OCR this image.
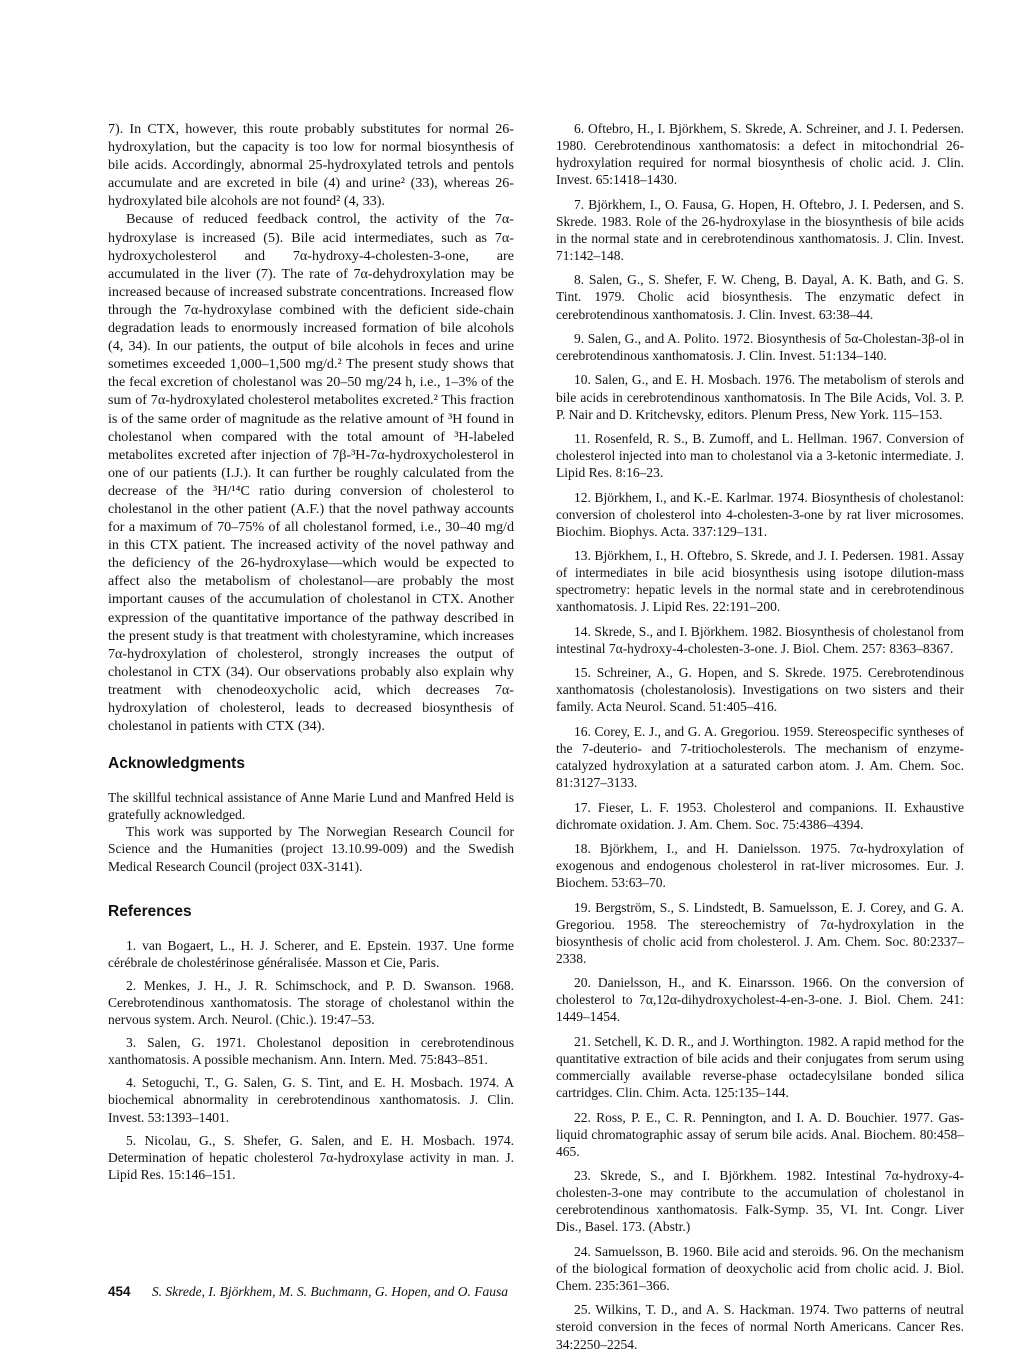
7). In CTX, however, this route probably substitutes for normal 26-hydroxylation, but the capacity is too low for normal biosynthesis of bile acids. Accordingly, abnormal 25-hydroxylated tetrols and pentols accumulate and are excreted in bile (4) and urine² (33), whereas 26-hydroxylated bile alcohols are not found² (4, 33).

Because of reduced feedback control, the activity of the 7α-hydroxylase is increased (5). Bile acid intermediates, such as 7α-hydroxycholesterol and 7α-hydroxy-4-cholesten-3-one, are accumulated in the liver (7). The rate of 7α-dehydroxylation may be increased because of increased substrate concentrations. Increased flow through the 7α-hydroxylase combined with the deficient side-chain degradation leads to enormously increased formation of bile alcohols (4, 34). In our patients, the output of bile alcohols in feces and urine sometimes exceeded 1,000–1,500 mg/d.² The present study shows that the fecal excretion of cholestanol was 20–50 mg/24 h, i.e., 1–3% of the sum of 7α-hydroxylated cholesterol metabolites excreted.² This fraction is of the same order of magnitude as the relative amount of ³H found in cholestanol when compared with the total amount of ³H-labeled metabolites excreted after injection of 7β-³H-7α-hydroxycholesterol in one of our patients (I.J.). It can further be roughly calculated from the decrease of the ³H/¹⁴C ratio during conversion of cholesterol to cholestanol in the other patient (A.F.) that the novel pathway accounts for a maximum of 70–75% of all cholestanol formed, i.e., 30–40 mg/d in this CTX patient. The increased activity of the novel pathway and the deficiency of the 26-hydroxylase—which would be expected to affect also the metabolism of cholestanol—are probably the most important causes of the accumulation of cholestanol in CTX. Another expression of the quantitative importance of the pathway described in the present study is that treatment with cholestyramine, which increases 7α-hydroxylation of cholesterol, strongly increases the output of cholestanol in CTX (34). Our observations probably also explain why treatment with chenodeoxycholic acid, which decreases 7α-hydroxylation of cholesterol, leads to decreased biosynthesis of cholestanol in patients with CTX (34).

Acknowledgments

The skillful technical assistance of Anne Marie Lund and Manfred Held is gratefully acknowledged.

This work was supported by The Norwegian Research Council for Science and the Humanities (project 13.10.99-009) and the Swedish Medical Research Council (project 03X-3141).

References

1. van Bogaert, L., H. J. Scherer, and E. Epstein. 1937. Une forme cérébrale de cholestérinose généralisée. Masson et Cie, Paris.

2. Menkes, J. H., J. R. Schimschock, and P. D. Swanson. 1968. Cerebrotendinous xanthomatosis. The storage of cholestanol within the nervous system. Arch. Neurol. (Chic.). 19:47–53.

3. Salen, G. 1971. Cholestanol deposition in cerebrotendinous xanthomatosis. A possible mechanism. Ann. Intern. Med. 75:843–851.

4. Setoguchi, T., G. Salen, G. S. Tint, and E. H. Mosbach. 1974. A biochemical abnormality in cerebrotendinous xanthomatosis. J. Clin. Invest. 53:1393–1401.

5. Nicolau, G., S. Shefer, G. Salen, and E. H. Mosbach. 1974. Determination of hepatic cholesterol 7α-hydroxylase activity in man. J. Lipid Res. 15:146–151.

6. Oftebro, H., I. Björkhem, S. Skrede, A. Schreiner, and J. I. Pedersen. 1980. Cerebrotendinous xanthomatosis: a defect in mitochondrial 26-hydroxylation required for normal biosynthesis of cholic acid. J. Clin. Invest. 65:1418–1430.

7. Björkhem, I., O. Fausa, G. Hopen, H. Oftebro, J. I. Pedersen, and S. Skrede. 1983. Role of the 26-hydroxylase in the biosynthesis of bile acids in the normal state and in cerebrotendinous xanthomatosis. J. Clin. Invest. 71:142–148.

8. Salen, G., S. Shefer, F. W. Cheng, B. Dayal, A. K. Bath, and G. S. Tint. 1979. Cholic acid biosynthesis. The enzymatic defect in cerebrotendinous xanthomatosis. J. Clin. Invest. 63:38–44.

9. Salen, G., and A. Polito. 1972. Biosynthesis of 5α-Cholestan-3β-ol in cerebrotendinous xanthomatosis. J. Clin. Invest. 51:134–140.

10. Salen, G., and E. H. Mosbach. 1976. The metabolism of sterols and bile acids in cerebrotendinous xanthomatosis. In The Bile Acids, Vol. 3. P. P. Nair and D. Kritchevsky, editors. Plenum Press, New York. 115–153.

11. Rosenfeld, R. S., B. Zumoff, and L. Hellman. 1967. Conversion of cholesterol injected into man to cholestanol via a 3-ketonic intermediate. J. Lipid Res. 8:16–23.

12. Björkhem, I., and K.-E. Karlmar. 1974. Biosynthesis of cholestanol: conversion of cholesterol into 4-cholesten-3-one by rat liver microsomes. Biochim. Biophys. Acta. 337:129–131.

13. Björkhem, I., H. Oftebro, S. Skrede, and J. I. Pedersen. 1981. Assay of intermediates in bile acid biosynthesis using isotope dilution-mass spectrometry: hepatic levels in the normal state and in cerebrotendinous xanthomatosis. J. Lipid Res. 22:191–200.

14. Skrede, S., and I. Björkhem. 1982. Biosynthesis of cholestanol from intestinal 7α-hydroxy-4-cholesten-3-one. J. Biol. Chem. 257: 8363–8367.

15. Schreiner, A., G. Hopen, and S. Skrede. 1975. Cerebrotendinous xanthomatosis (cholestanolosis). Investigations on two sisters and their family. Acta Neurol. Scand. 51:405–416.

16. Corey, E. J., and G. A. Gregoriou. 1959. Stereospecific syntheses of the 7-deuterio- and 7-tritiocholesterols. The mechanism of enzyme-catalyzed hydroxylation at a saturated carbon atom. J. Am. Chem. Soc. 81:3127–3133.

17. Fieser, L. F. 1953. Cholesterol and companions. II. Exhaustive dichromate oxidation. J. Am. Chem. Soc. 75:4386–4394.

18. Björkhem, I., and H. Danielsson. 1975. 7α-hydroxylation of exogenous and endogenous cholesterol in rat-liver microsomes. Eur. J. Biochem. 53:63–70.

19. Bergström, S., S. Lindstedt, B. Samuelsson, E. J. Corey, and G. A. Gregoriou. 1958. The stereochemistry of 7α-hydroxylation in the biosynthesis of cholic acid from cholesterol. J. Am. Chem. Soc. 80:2337–2338.

20. Danielsson, H., and K. Einarsson. 1966. On the conversion of cholesterol to 7α,12α-dihydroxycholest-4-en-3-one. J. Biol. Chem. 241: 1449–1454.

21. Setchell, K. D. R., and J. Worthington. 1982. A rapid method for the quantitative extraction of bile acids and their conjugates from serum using commercially available reverse-phase octadecylsilane bonded silica cartridges. Clin. Chim. Acta. 125:135–144.

22. Ross, P. E., C. R. Pennington, and I. A. D. Bouchier. 1977. Gas-liquid chromatographic assay of serum bile acids. Anal. Biochem. 80:458–465.

23. Skrede, S., and I. Björkhem. 1982. Intestinal 7α-hydroxy-4-cholesten-3-one may contribute to the accumulation of cholestanol in cerebrotendinous xanthomatosis. Falk-Symp. 35, VI. Int. Congr. Liver Dis., Basel. 173. (Abstr.)

24. Samuelsson, B. 1960. Bile acid and steroids. 96. On the mechanism of the biological formation of deoxycholic acid from cholic acid. J. Biol. Chem. 235:361–366.

25. Wilkins, T. D., and A. S. Hackman. 1974. Two patterns of neutral steroid conversion in the feces of normal North Americans. Cancer Res. 34:2250–2254.

454 S. Skrede, I. Björkhem, M. S. Buchmann, G. Hopen, and O. Fausa
